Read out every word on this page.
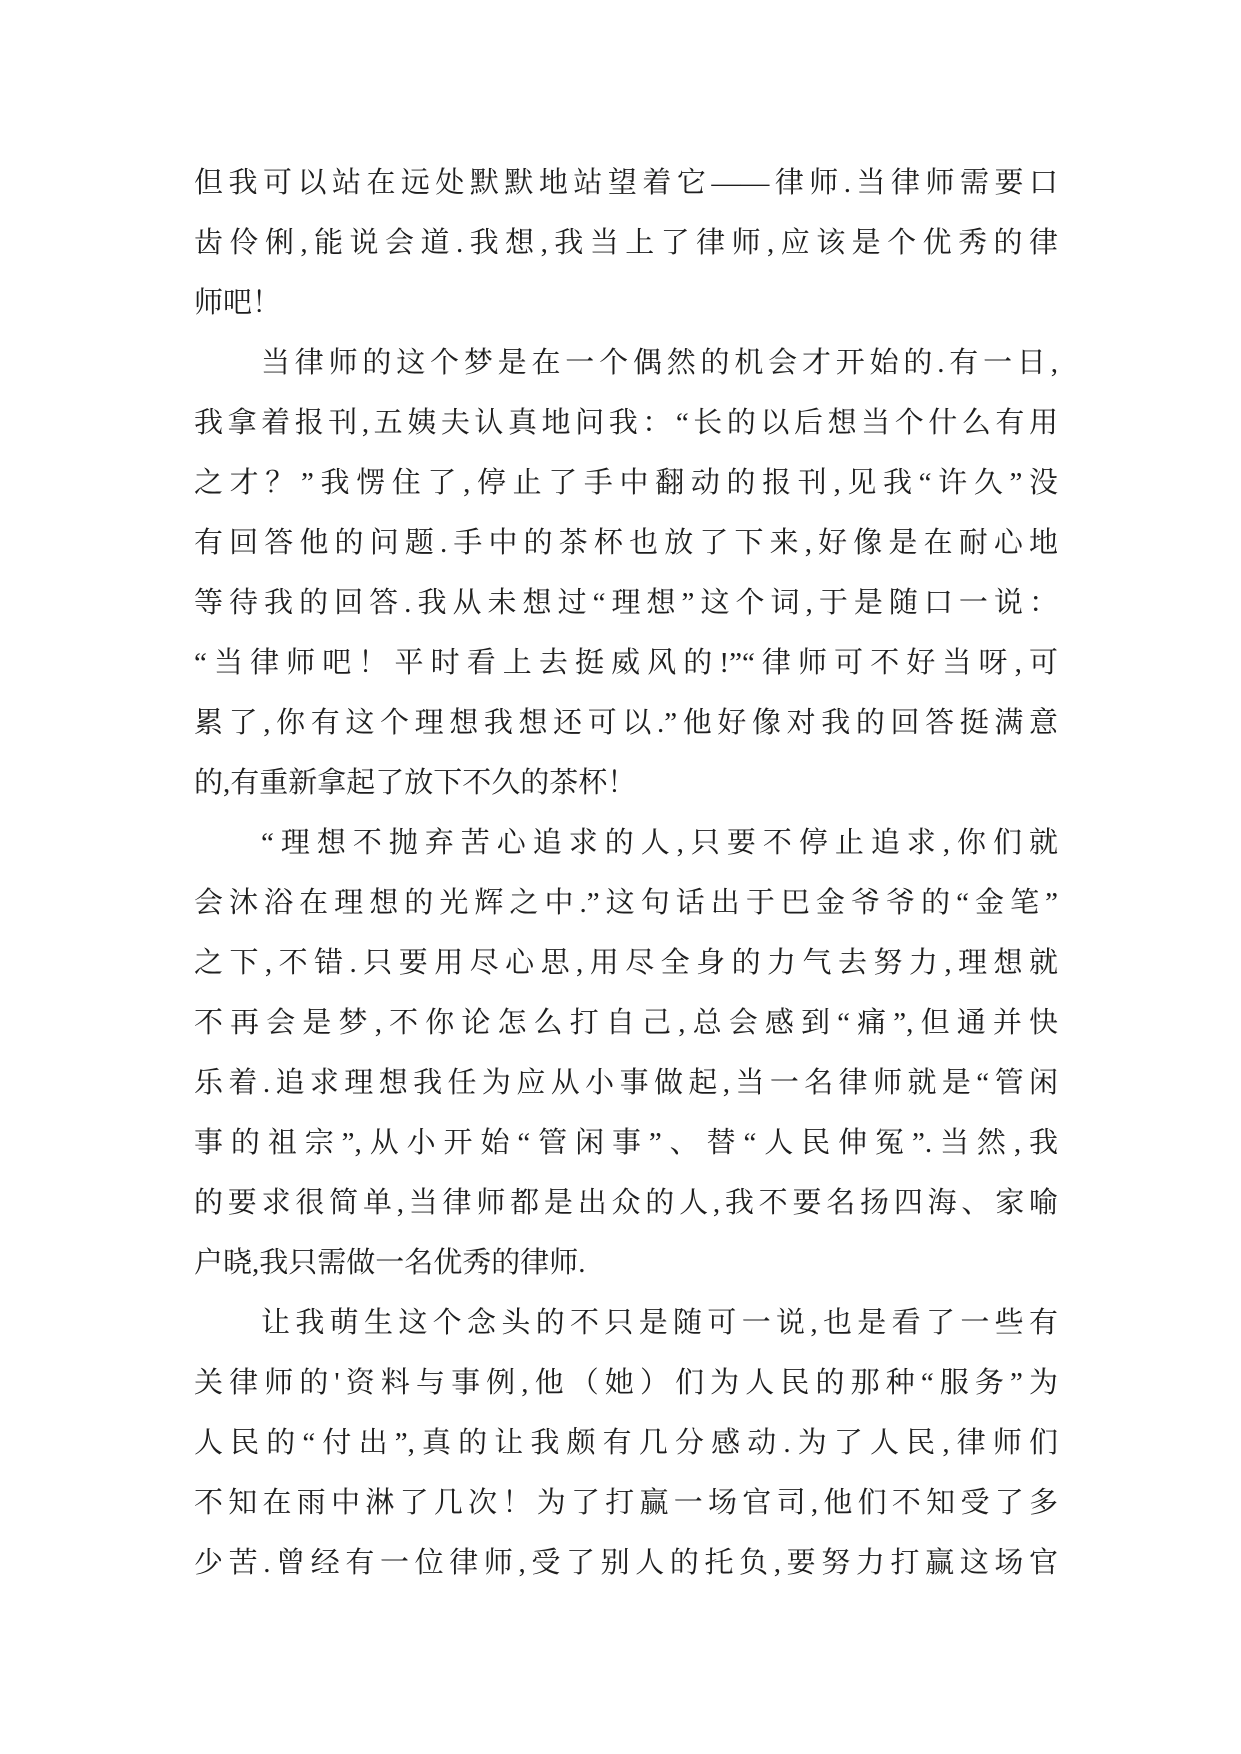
但我可以站在远处默默地站望着它——律师.当律师需要口
齿伶俐,能说会道.我想,我当上了律师,应该是个优秀的律
师吧！
当律师的这个梦是在一个偶然的机会才开始的.有一日,
我拿着报刊,五姨夫认真地问我：“长的以后想当个什么有用
之才？”我愣住了,停止了手中翻动的报刊,见我“许久”没
有回答他的问题.手中的茶杯也放了下来,好像是在耐心地
等待我的回答.我从未想过“理想”这个词,于是随口一说：
“当律师吧！平时看上去挺威风的!”“律师可不好当呀,可
累了,你有这个理想我想还可以.”他好像对我的回答挺满意
的,有重新拿起了放下不久的茶杯！
“理想不抛弃苦心追求的人,只要不停止追求,你们就
会沐浴在理想的光辉之中.”这句话出于巴金爷爷的“金笔”
之下,不错.只要用尽心思,用尽全身的力气去努力,理想就
不再会是梦,不你论怎么打自己,总会感到“痛”,但通并快
乐着.追求理想我任为应从小事做起,当一名律师就是“管闲
事的祖宗”,从小开始“管闲事”、替“人民伸冤”.当然,我
的要求很简单,当律师都是出众的人,我不要名扬四海、家喻
户晓,我只需做一名优秀的律师.
让我萌生这个念头的不只是随可一说,也是看了一些有
关律师的'资料与事例,他（她）们为人民的那种“服务”为
人民的“付出”,真的让我颇有几分感动.为了人民,律师们
不知在雨中淋了几次！为了打赢一场官司,他们不知受了多
少苦.曾经有一位律师,受了别人的托负,要努力打赢这场官
